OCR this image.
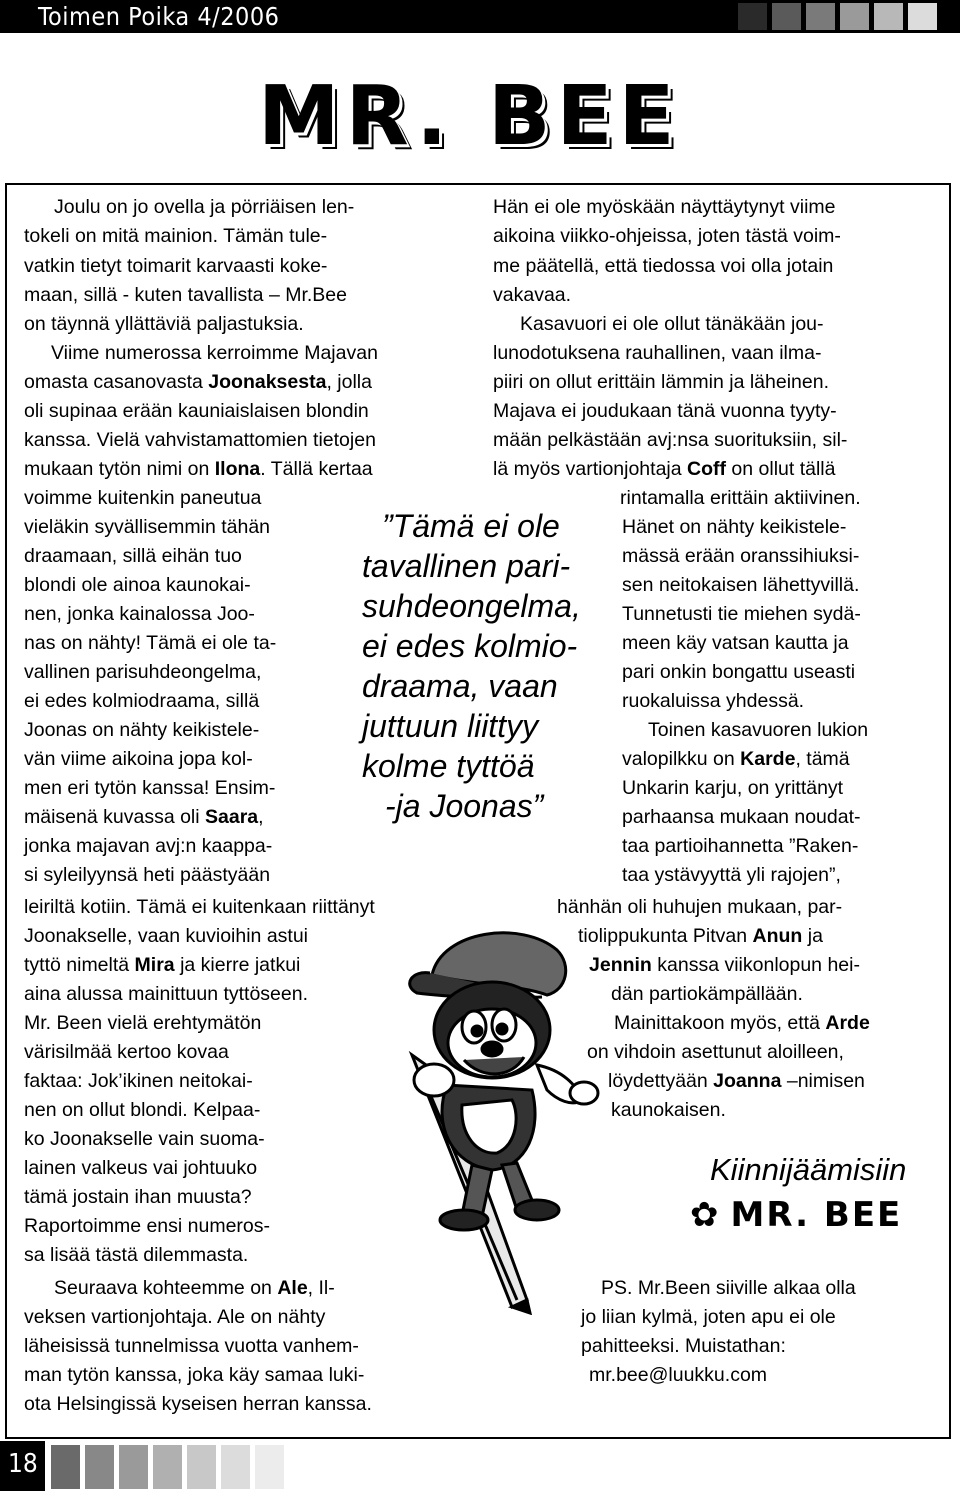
Toimen Poika 4/2006
MR. BEE
Joulu on jo ovella ja pörriäisen len-
tokeli on mitä mainion. Tämän tule-
vatkin tietyt toimarit karvaasti koke-
maan, sillä - kuten tavallista – Mr.Bee
on täynnä yllättäviä paljastuksia.
Viime numerossa kerroimme Majavan
omasta casanovasta Joonaksesta, jolla
oli supinaa erään kauniaislaisen blondin
kanssa. Vielä vahvistamattomien tietojen
mukaan tytön nimi on Ilona. Tällä kertaa
voimme kuitenkin paneutua
vieläkin syvällisemmin tähän
draamaan, sillä eihän tuo
blondi ole ainoa kaunokai-
nen, jonka kainalossa Joo-
nas on nähty! Tämä ei ole ta-
vallinen parisuhdeongelma,
ei edes kolmiodraama, sillä
Joonas on nähty keikistele-
vän viime aikoina jopa kol-
men eri tytön kanssa! Ensim-
mäisenä kuvassa oli Saara,
jonka majavan avj:n kaappa-
si syleilyynsä heti päästyään
leiriltä kotiin. Tämä ei kuitenkaan riittänyt
Joonakselle, vaan kuvioihin astui
tyttö nimeltä Mira ja kierre jatkui
aina alussa mainittuun tyttöseen.
Mr. Been vielä erehtymätön
värisilmää kertoo kovaa
faktaa: Jok’ikinen neitokai-
nen on ollut blondi. Kelpaa-
ko Joonakselle vain suoma-
lainen valkeus vai johtuuko
tämä jostain ihan muusta?
Raportoimme ensi numeros-
sa lisää tästä dilemmasta.
Seuraava kohteemme on Ale, Il-
veksen vartionjohtaja. Ale on nähty
läheisissä tunnelmissa vuotta vanhem-
man tytön kanssa, joka käy samaa luki-
ota Helsingissä kyseisen herran kanssa.
Hän ei ole myöskään näyttäytynyt viime
aikoina viikko-ohjeissa, joten tästä voim-
me päätellä, että tiedossa voi olla jotain
vakavaa.
Kasavuori ei ole ollut tänäkään jou-
lunodotuksena rauhallinen, vaan ilma-
piiri on ollut erittäin lämmin ja läheinen.
Majava ei joudukaan tänä vuonna tyyty-
mään pelkästään avj:nsa suorituksiin, sil-
lä myös vartionjohtaja Coff on ollut tällä
rintamalla erittäin aktiivinen.
Hänet on nähty keikistele-
mässä erään oranssihiuksi-
sen neitokaisen lähettyvillä.
Tunnetusti tie miehen sydä-
meen käy vatsan kautta ja
pari onkin bongattu useasti
ruokaluissa yhdessä.
Toinen kasavuoren lukion
valopilkku on Karde, tämä
Unkarin karju, on yrittänyt
parhaansa mukaan noudat-
taa partioihannetta ”Raken-
taa ystävyyttä yli rajojen”,
hänhän oli huhujen mukaan, par-
tiolippukunta Pitvan Anun ja
Jennin kanssa viikonlopun hei-
dän partiokämpällään.
Mainittakoon myös, että Arde
on vihdoin asettunut aloilleen,
löydettyään Joanna –nimisen
kaunokaisen.
PS. Mr.Been siiville alkaa olla
jo liian kylmä, joten apu ei ole
pahitteeksi. Muistathan:
mr.bee@luukku.com
”Tämä ei ole
tavallinen pari-
suhdeongelma,
ei edes kolmio-
draama, vaan
juttuun liittyy
kolme tyttöä
-ja Joonas”
Kiinnijäämisiin
✿ MR. BEE
18
